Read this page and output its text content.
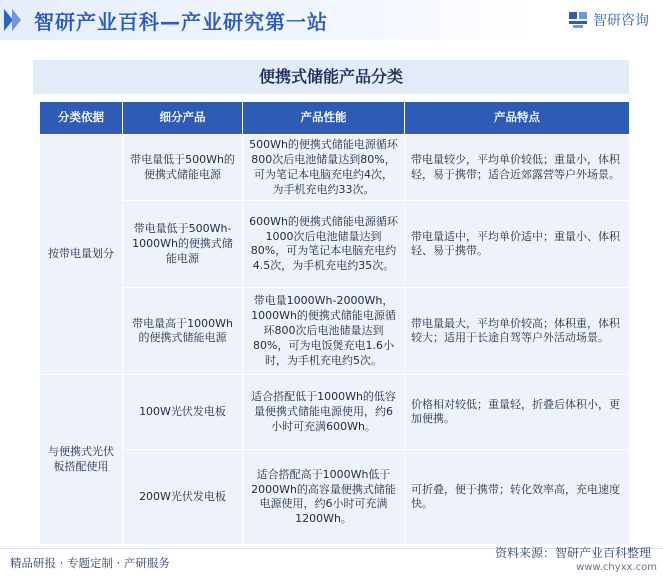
智研产业百科—产业研究第一站	智研咨询
便携式储能产品分类
分类依据	细分产品	产品性能	产品特点
按带电量划分	带电量低于500Wh的便携式储能电源	500Wh的便携式储能电源循环800次后电池储量达到80%，可为笔记本电脑充电约4次，为手机充电约33次。	带电量较少，平均单价较低；重量小，体积轻，易于携带；适合近郊露营等户外场景。
	带电量低于500Wh-1000Wh的便携式储能电源	600Wh的便携式储能电源循环1000次后电池储量达到80%，可为笔记本电脑充电约4.5次，为手机充电约35次。	带电量适中，平均单价适中；重量小、体积轻、易于携带。
	带电量高于1000Wh的便携式储能电源	带电量1000Wh-2000Wh，1000Wh的便携式储能电源循环800次后电池储量达到80%，可为电饭煲充电1.6小时，为手机充电约5次。	带电量最大，平均单价较高；体积重，体积较大；适用于长途自驾等户外活动场景。
与便携式光伏板搭配使用	100W光伏发电板	适合搭配低于1000Wh的低容量便携式储能电源使用，约6小时可充满600Wh。	价格相对较低；重量轻，折叠后体积小，更加便携。
	200W光伏发电板	适合搭配高于1000Wh低于2000Wh的高容量便携式储能电源使用，约6小时可充满1200Wh。	可折叠，便于携带；转化效率高，充电速度快。
精品研报 · 专题定制 · 产研服务
资料来源：智研产业百科整理
www.chyxx.com
